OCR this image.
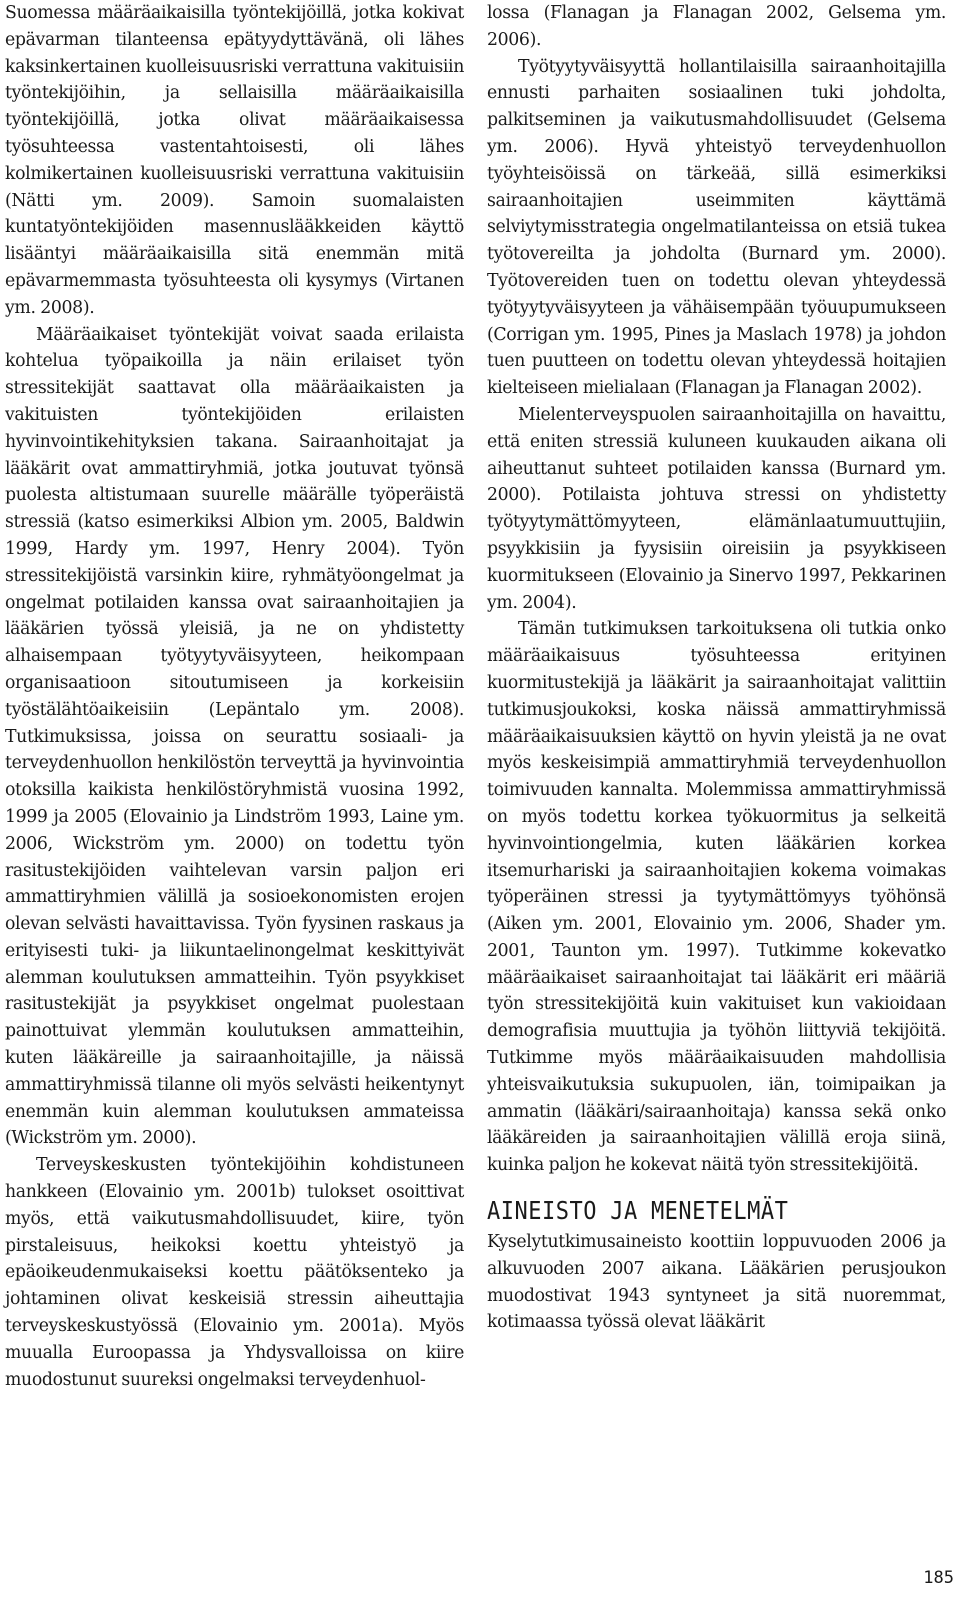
Suomessa määräaikaisilla työntekijöillä, jotka kokivat epävarman tilanteensa epätyydyttävänä, oli lähes kaksinkertainen kuolleisuusriski verrattuna vakituisiin työntekijöihin, ja sellaisilla määräaikaisilla työntekijöillä, jotka olivat määräaikaisessa työsuhteessa vastentahtoisesti, oli lähes kolmikertainen kuolleisuusriski verrattuna vakituisiin (Nätti ym. 2009). Samoin suomalaisten kuntatyöntekijöiden masennuslääkkeiden käyttö lisääntyi määräaikaisilla sitä enemmän mitä epävarmemmasta työsuhteesta oli kysymys (Virtanen ym. 2008).

Määräaikaiset työntekijät voivat saada erilaista kohtelua työpaikoilla ja näin erilaiset työn stressitekijät saattavat olla määräaikaisten ja vakituisten työntekijöiden erilaisten hyvinvointikehityksien takana. Sairaanhoitajat ja lääkärit ovat ammattiryhmiä, jotka joutuvat työnsä puolesta altistumaan suurelle määrälle työperäistä stressiä (katso esimerkiksi Albion ym. 2005, Baldwin 1999, Hardy ym. 1997, Henry 2004). Työn stressitekijöistä varsinkin kiire, ryhmätyöongelmat ja ongelmat potilaiden kanssa ovat sairaanhoitajien ja lääkärien työssä yleisiä, ja ne on yhdistetty alhaisempaan työtyytyväisyyteen, heikompaan organisaatioon sitoutumiseen ja korkeisiin työstälähtöaikeisiin (Lepäntalo ym. 2008). Tutkimuksissa, joissa on seurattu sosiaali- ja terveydenhuollon henkilöstön terveyttä ja hyvinvointia otoksilla kaikista henkilöstöryhmistä vuosina 1992, 1999 ja 2005 (Elovainio ja Lindström 1993, Laine ym. 2006, Wickström ym. 2000) on todettu työn rasitustekijöiden vaihtelevan varsin paljon eri ammattiryhmien välillä ja sosioekonomisten erojen olevan selvästi havaittavissa. Työn fyysinen raskaus ja erityisesti tuki- ja liikuntaelinongelmat keskittyivät alemman koulutuksen ammatteihin. Työn psyykkiset rasitustekijät ja psyykkiset ongelmat puolestaan painottuivat ylemmän koulutuksen ammatteihin, kuten lääkäreille ja sairaanhoitajille, ja näissä ammattiryhmissä tilanne oli myös selvästi heikentynyt enemmän kuin alemman koulutuksen ammateissa (Wickström ym. 2000).

Terveyskeskusten työntekijöihin kohdistuneen hankkeen (Elovainio ym. 2001b) tulokset osoittivat myös, että vaikutusmahdollisuudet, kiire, työn pirstaleisuus, heikoksi koettu yhteistyö ja epäoikeudenmukaiseksi koettu päätöksenteko ja johtaminen olivat keskeisiä stressin aiheuttajia terveyskeskustyössä (Elovainio ym. 2001a). Myös muualla Euroopassa ja Yhdysvalloissa on kiire muodostunut suureksi ongelmaksi terveydenhuol-

lossa (Flanagan ja Flanagan 2002, Gelsema ym. 2006).

Työtyytyväisyyttä hollantilaisilla sairaanhoitajilla ennusti parhaiten sosiaalinen tuki johdolta, palkitseminen ja vaikutusmahdollisuudet (Gelsema ym. 2006). Hyvä yhteistyö terveydenhuollon työyhteisöissä on tärkeää, sillä esimerkiksi sairaanhoitajien useimmiten käyttämä selviytymisstrategia ongelmatilanteissa on etsiä tukea työtovereilta ja johdolta (Burnard ym. 2000). Työtovereiden tuen on todettu olevan yhteydessä työtyytyväisyyteen ja vähäisempään työuupumukseen (Corrigan ym. 1995, Pines ja Maslach 1978) ja johdon tuen puutteen on todettu olevan yhteydessä hoitajien kielteiseen mielialaan (Flanagan ja Flanagan 2002).

Mielenterveyspuolen sairaanhoitajilla on havaittu, että eniten stressiä kuluneen kuukauden aikana oli aiheuttanut suhteet potilaiden kanssa (Burnard ym. 2000). Potilaista johtuva stressi on yhdistetty työtyytymättömyyteen, elämänlaatumuuttujiin, psyykkisiin ja fyysisiin oireisiin ja psyykkiseen kuormitukseen (Elovainio ja Sinervo 1997, Pekkarinen ym. 2004).

Tämän tutkimuksen tarkoituksena oli tutkia onko määräaikaisuus työsuhteessa erityinen kuormitustekijä ja lääkärit ja sairaanhoitajat valittiin tutkimusjoukoksi, koska näissä ammattiryhmissä määräaikaisuuksien käyttö on hyvin yleistä ja ne ovat myös keskeisimpiä ammattiryhmiä terveydenhuollon toimivuuden kannalta. Molemmissa ammattiryhmissä on myös todettu korkea työkuormitus ja selkeitä hyvinvointiongelmia, kuten lääkärien korkea itsemurhariski ja sairaanhoitajien kokema voimakas työperäinen stressi ja tyytymättömyys työhönsä (Aiken ym. 2001, Elovainio ym. 2006, Shader ym. 2001, Taunton ym. 1997). Tutkimme kokevatko määräaikaiset sairaanhoitajat tai lääkärit eri määriä työn stressitekijöitä kuin vakituiset kun vakioidaan demografisia muuttujia ja työhön liittyviä tekijöitä. Tutkimme myös määräaikaisuuden mahdollisia yhteisvaikutuksia sukupuolen, iän, toimipaikan ja ammatin (lääkäri/sairaanhoitaja) kanssa sekä onko lääkäreiden ja sairaanhoitajien välillä eroja siinä, kuinka paljon he kokevat näitä työn stressitekijöitä.

AINEISTO JA MENETELMÄT

Kyselytutkimusaineisto koottiin loppuvuoden 2006 ja alkuvuoden 2007 aikana. Lääkärien perusjoukon muodostivat 1943 syntyneet ja sitä nuoremmat, kotimaassa työssä olevat lääkärit

185
